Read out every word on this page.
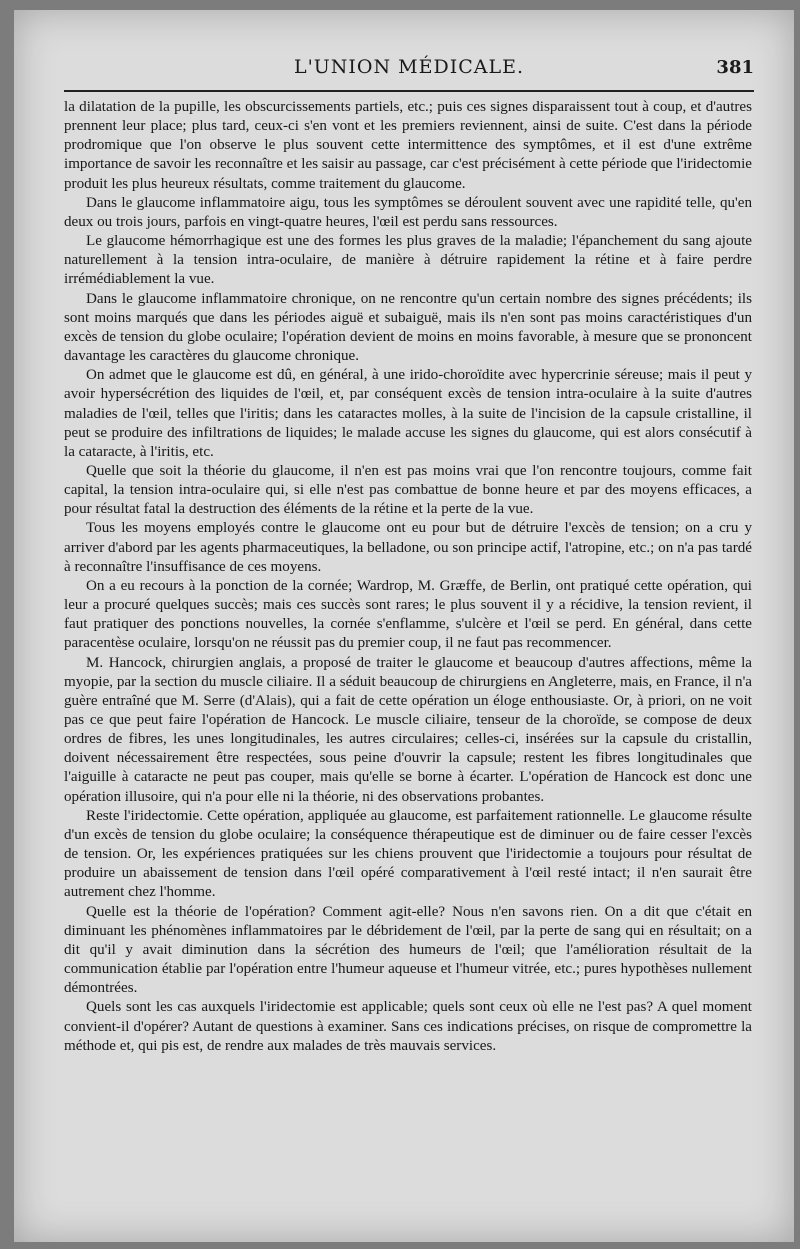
L'UNION MÉDICALE.	381

la dilatation de la pupille, les obscurcissements partiels, etc.; puis ces signes disparaissent tout à coup, et d'autres prennent leur place; plus tard, ceux-ci s'en vont et les premiers reviennent, ainsi de suite. C'est dans la période prodromique que l'on observe le plus souvent cette intermittence des symptômes, et il est d'une extrême importance de savoir les reconnaître et les saisir au passage, car c'est précisément à cette période que l'iridectomie produit les plus heureux résultats, comme traitement du glaucome.

Dans le glaucome inflammatoire aigu, tous les symptômes se déroulent souvent avec une rapidité telle, qu'en deux ou trois jours, parfois en vingt-quatre heures, l'œil est perdu sans ressources.

Le glaucome hémorrhagique est une des formes les plus graves de la maladie; l'épanchement du sang ajoute naturellement à la tension intra-oculaire, de manière à détruire rapidement la rétine et à faire perdre irrémédiablement la vue.

Dans le glaucome inflammatoire chronique, on ne rencontre qu'un certain nombre des signes précédents; ils sont moins marqués que dans les périodes aiguë et subaiguë, mais ils n'en sont pas moins caractéristiques d'un excès de tension du globe oculaire; l'opération devient de moins en moins favorable, à mesure que se prononcent davantage les caractères du glaucome chronique.

On admet que le glaucome est dû, en général, à une irido-choroïdite avec hypercrinie séreuse; mais il peut y avoir hypersécrétion des liquides de l'œil, et, par conséquent excès de tension intra-oculaire à la suite d'autres maladies de l'œil, telles que l'iritis; dans les cataractes molles, à la suite de l'incision de la capsule cristalline, il peut se produire des infiltrations de liquides; le malade accuse les signes du glaucome, qui est alors consécutif à la cataracte, à l'iritis, etc.

Quelle que soit la théorie du glaucome, il n'en est pas moins vrai que l'on rencontre toujours, comme fait capital, la tension intra-oculaire qui, si elle n'est pas combattue de bonne heure et par des moyens efficaces, a pour résultat fatal la destruction des éléments de la rétine et la perte de la vue.

Tous les moyens employés contre le glaucome ont eu pour but de détruire l'excès de tension; on a cru y arriver d'abord par les agents pharmaceutiques, la belladone, ou son principe actif, l'atropine, etc.; on n'a pas tardé à reconnaître l'insuffisance de ces moyens.

On a eu recours à la ponction de la cornée; Wardrop, M. Græffe, de Berlin, ont pratiqué cette opération, qui leur a procuré quelques succès; mais ces succès sont rares; le plus souvent il y a récidive, la tension revient, il faut pratiquer des ponctions nouvelles, la cornée s'enflamme, s'ulcère et l'œil se perd. En général, dans cette paracentèse oculaire, lorsqu'on ne réussit pas du premier coup, il ne faut pas recommencer.

M. Hancock, chirurgien anglais, a proposé de traiter le glaucome et beaucoup d'autres affections, même la myopie, par la section du muscle ciliaire. Il a séduit beaucoup de chirurgiens en Angleterre, mais, en France, il n'a guère entraîné que M. Serre (d'Alais), qui a fait de cette opération un éloge enthousiaste. Or, à priori, on ne voit pas ce que peut faire l'opération de Hancock. Le muscle ciliaire, tenseur de la choroïde, se compose de deux ordres de fibres, les unes longitudinales, les autres circulaires; celles-ci, insérées sur la capsule du cristallin, doivent nécessairement être respectées, sous peine d'ouvrir la capsule; restent les fibres longitudinales que l'aiguille à cataracte ne peut pas couper, mais qu'elle se borne à écarter. L'opération de Hancock est donc une opération illusoire, qui n'a pour elle ni la théorie, ni des observations probantes.

Reste l'iridectomie. Cette opération, appliquée au glaucome, est parfaitement rationnelle. Le glaucome résulte d'un excès de tension du globe oculaire; la conséquence thérapeutique est de diminuer ou de faire cesser l'excès de tension. Or, les expériences pratiquées sur les chiens prouvent que l'iridectomie a toujours pour résultat de produire un abaissement de tension dans l'œil opéré comparativement à l'œil resté intact; il n'en saurait être autrement chez l'homme.

Quelle est la théorie de l'opération? Comment agit-elle? Nous n'en savons rien. On a dit que c'était en diminuant les phénomènes inflammatoires par le débridement de l'œil, par la perte de sang qui en résultait; on a dit qu'il y avait diminution dans la sécrétion des humeurs de l'œil; que l'amélioration résultait de la communication établie par l'opération entre l'humeur aqueuse et l'humeur vitrée, etc.; pures hypothèses nullement démontrées.

Quels sont les cas auxquels l'iridectomie est applicable; quels sont ceux où elle ne l'est pas? A quel moment convient-il d'opérer? Autant de questions à examiner. Sans ces indications précises, on risque de compromettre la méthode et, qui pis est, de rendre aux malades de très mauvais services.
